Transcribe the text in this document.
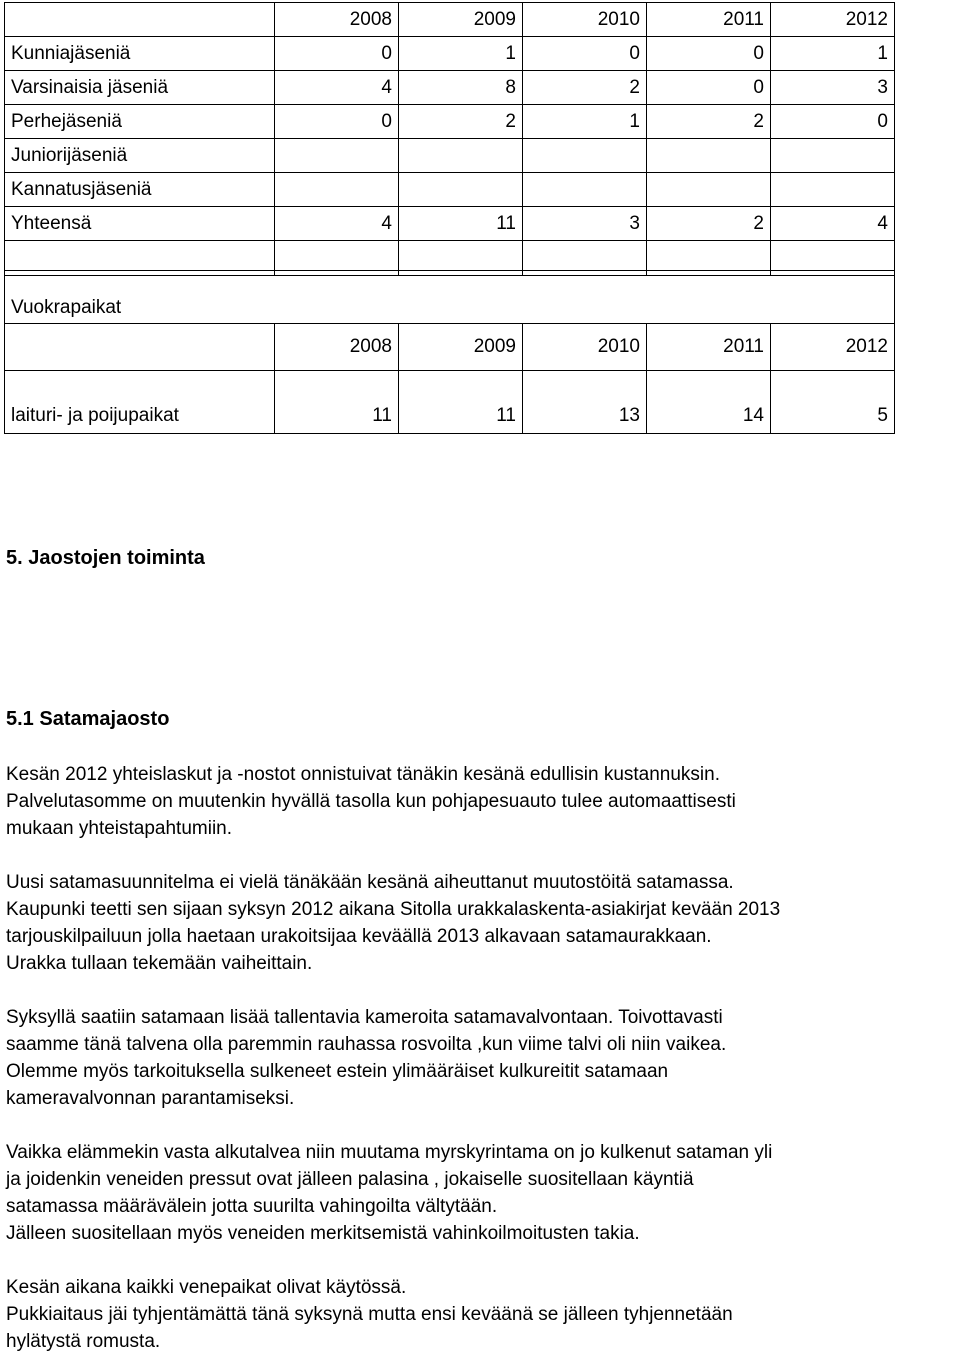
	2008	2009	2010	2011	2012
Kunniajäseniä	0	1	0	0	1
Varsinaisia jäseniä	4	8	2	0	3
Perhejäseniä	0	2	1	2	0
Juniorijäseniä					
Kannatusjäseniä					
Yhteensä	4	11	3	2	4

Vuokrapaikat					
	2008	2009	2010	2011	2012
laituri- ja poijupaikat	11	11	13	14	5
5. Jaostojen toiminta
5.1 Satamajaosto
Kesän 2012 yhteislaskut ja -nostot onnistuivat tänäkin kesänä edullisin kustannuksin.
Palvelutasomme on muutenkin hyvällä tasolla kun pohjapesuauto tulee automaattisesti
mukaan yhteistapahtumiin.
Uusi satamasuunnitelma ei vielä tänäkään kesänä aiheuttanut muutostöitä satamassa.
Kaupunki teetti sen sijaan syksyn 2012 aikana Sitolla urakkalaskenta-asiakirjat kevään 2013
tarjouskilpailuun jolla haetaan urakoitsijaa keväällä 2013 alkavaan satamaurakkaan.
Urakka tullaan tekemään vaiheittain.
Syksyllä saatiin satamaan lisää tallentavia kameroita satamavalvontaan. Toivottavasti
saamme tänä talvena olla paremmin rauhassa rosvoilta ,kun viime talvi oli niin vaikea.
Olemme myös tarkoituksella sulkeneet estein ylimääräiset kulkureitit satamaan
kameravalvonnan parantamiseksi.
Vaikka elämmekin vasta alkutalvea niin muutama myrskyrintama on jo kulkenut sataman yli
ja joidenkin veneiden pressut ovat jälleen palasina , jokaiselle suositellaan käyntiä
satamassa määrävälein jotta suurilta vahingoilta vältytään.
Jälleen suositellaan myös veneiden merkitsemistä vahinkoilmoitusten takia.
Kesän aikana kaikki venepaikat olivat käytössä.
Pukkiaitaus jäi tyhjentämättä tänä syksynä mutta ensi keväänä se jälleen tyhjennetään
hylätystä romusta.
